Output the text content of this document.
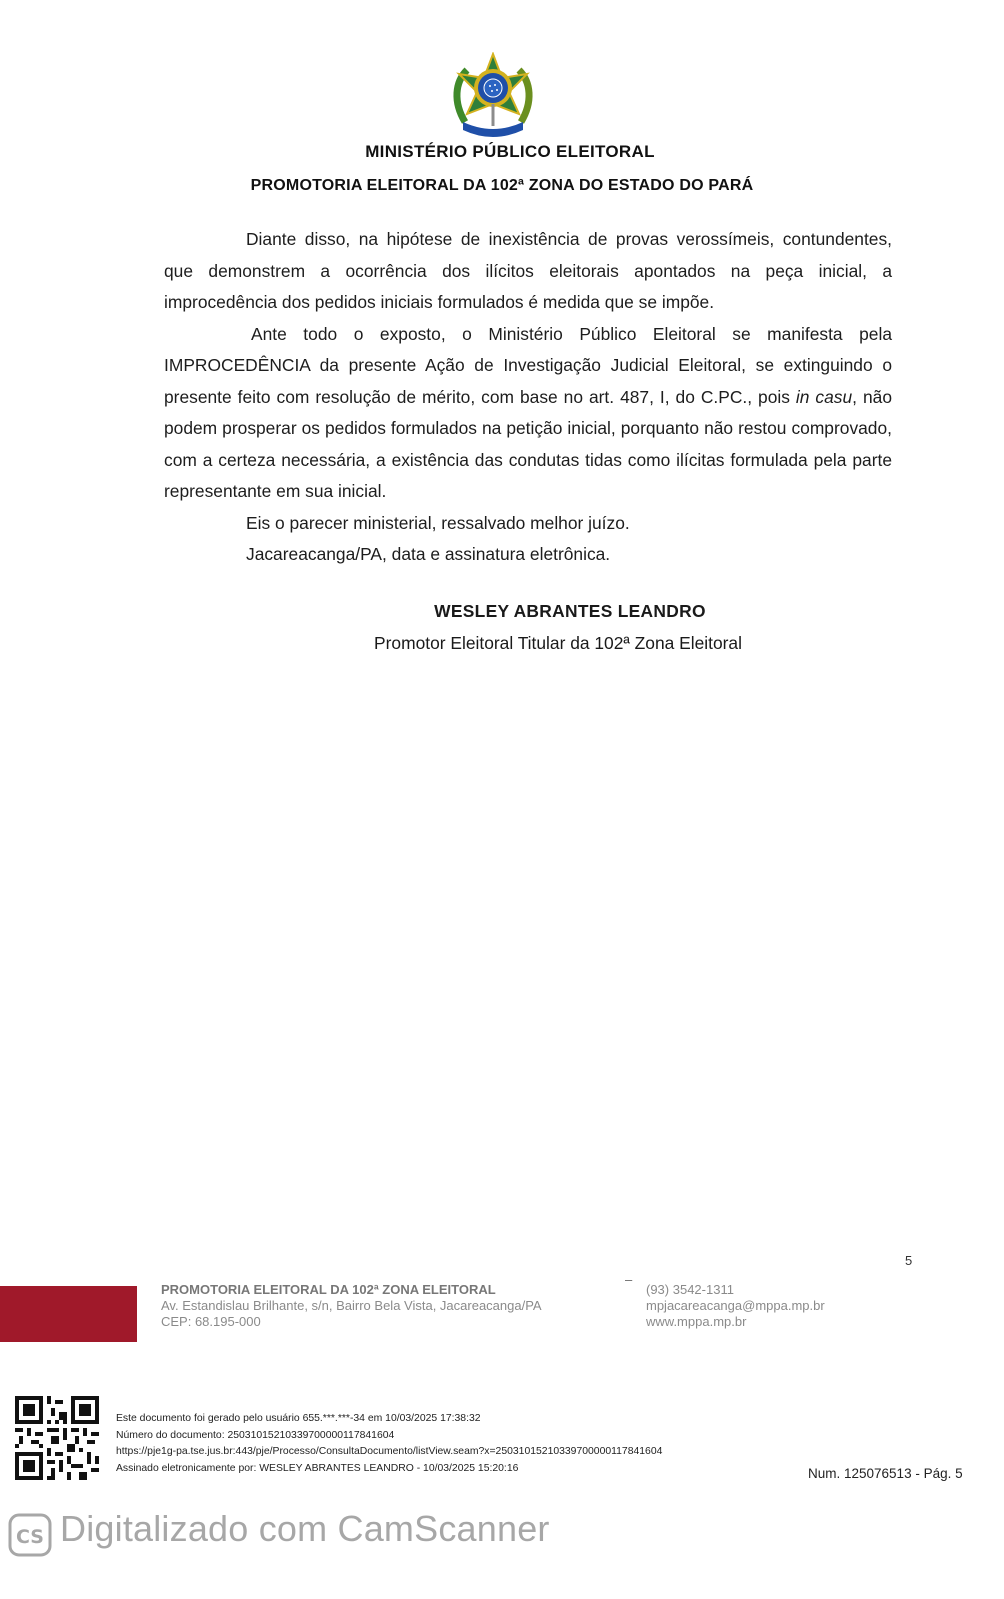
MINISTÉRIO PÚBLICO ELEITORAL
PROMOTORIA ELEITORAL DA 102ª ZONA DO ESTADO DO PARÁ

Diante disso, na hipótese de inexistência de provas verossímeis, contundentes, que demonstrem a ocorrência dos ilícitos eleitorais apontados na peça inicial, a improcedência dos pedidos iniciais formulados é medida que se impõe.

Ante todo o exposto, o Ministério Público Eleitoral se manifesta pela IMPROCEDÊNCIA da presente Ação de Investigação Judicial Eleitoral, se extinguindo o presente feito com resolução de mérito, com base no art. 487, I, do C.PC., pois in casu, não podem prosperar os pedidos formulados na petição inicial, porquanto não restou comprovado, com a certeza necessária, a existência das condutas tidas como ilícitas formulada pela parte representante em sua inicial.

Eis o parecer ministerial, ressalvado melhor juízo.

Jacareacanga/PA, data e assinatura eletrônica.

WESLEY ABRANTES LEANDRO
Promotor Eleitoral Titular da 102ª Zona Eleitoral
5
PROMOTORIA ELEITORAL DA 102ª ZONA ELEITORAL
Av. Estandislau Brilhante, s/n, Bairro Bela Vista, Jacareacanga/PA
CEP: 68.195-000
–
(93) 3542-1311
mpjacareacanga@mppa.mp.br
www.mppa.mp.br
Este documento foi gerado pelo usuário 655.***.***-34 em 10/03/2025 17:38:32
Número do documento: 25031015210339700000117841604
https://pje1g-pa.tse.jus.br:443/pje/Processo/ConsultaDocumento/listView.seam?x=25031015210339700000117841604
Assinado eletronicamente por: WESLEY ABRANTES LEANDRO - 10/03/2025 15:20:16	Num. 125076513 - Pág. 5
CS Digitalizado com CamScanner
